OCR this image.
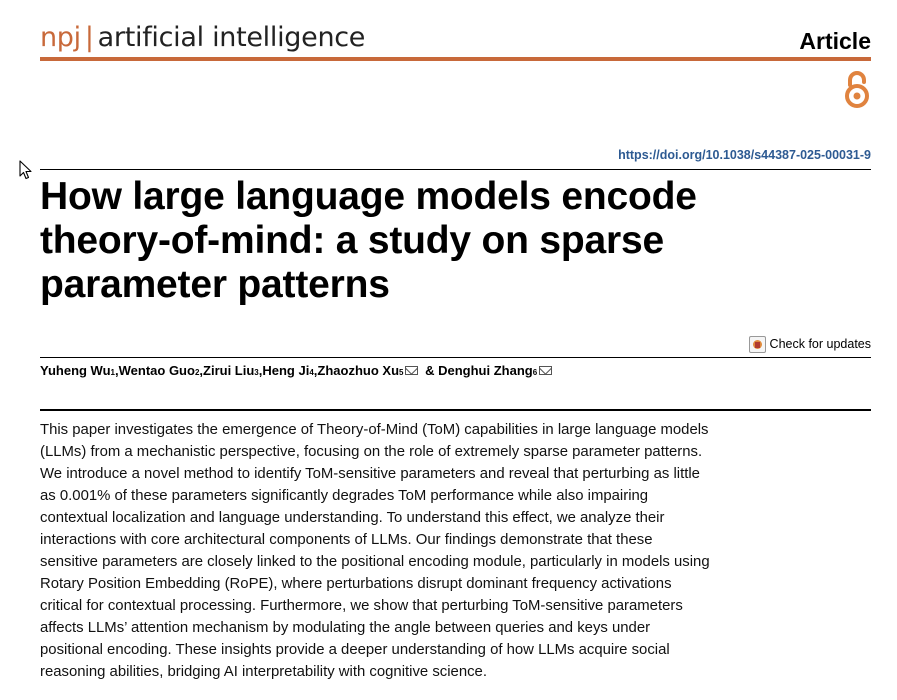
npj | artificial intelligence	Article
https://doi.org/10.1038/s44387-025-00031-9
How large language models encode
theory-of-mind: a study on sparse
parameter patterns
Check for updates
Yuheng Wu 1 , Wentao Guo 2 , Zirui Liu 3 , Heng Ji 4 , Zhaozhuo Xu 5 & Denghui Zhang 6
This paper investigates the emergence of Theory-of-Mind (ToM) capabilities in large language models
(LLMs) from a mechanistic perspective, focusing on the role of extremely sparse parameter patterns.
We introduce a novel method to identify ToM-sensitive parameters and reveal that perturbing as little
as 0.001% of these parameters significantly degrades ToM performance while also impairing
contextual localization and language understanding. To understand this effect, we analyze their
interactions with core architectural components of LLMs. Our findings demonstrate that these
sensitive parameters are closely linked to the positional encoding module, particularly in models using
Rotary Position Embedding (RoPE), where perturbations disrupt dominant frequency activations
critical for contextual processing. Furthermore, we show that perturbing ToM-sensitive parameters
affects LLMs’ attention mechanism by modulating the angle between queries and keys under
positional encoding. These insights provide a deeper understanding of how LLMs acquire social
reasoning abilities, bridging AI interpretability with cognitive science.
